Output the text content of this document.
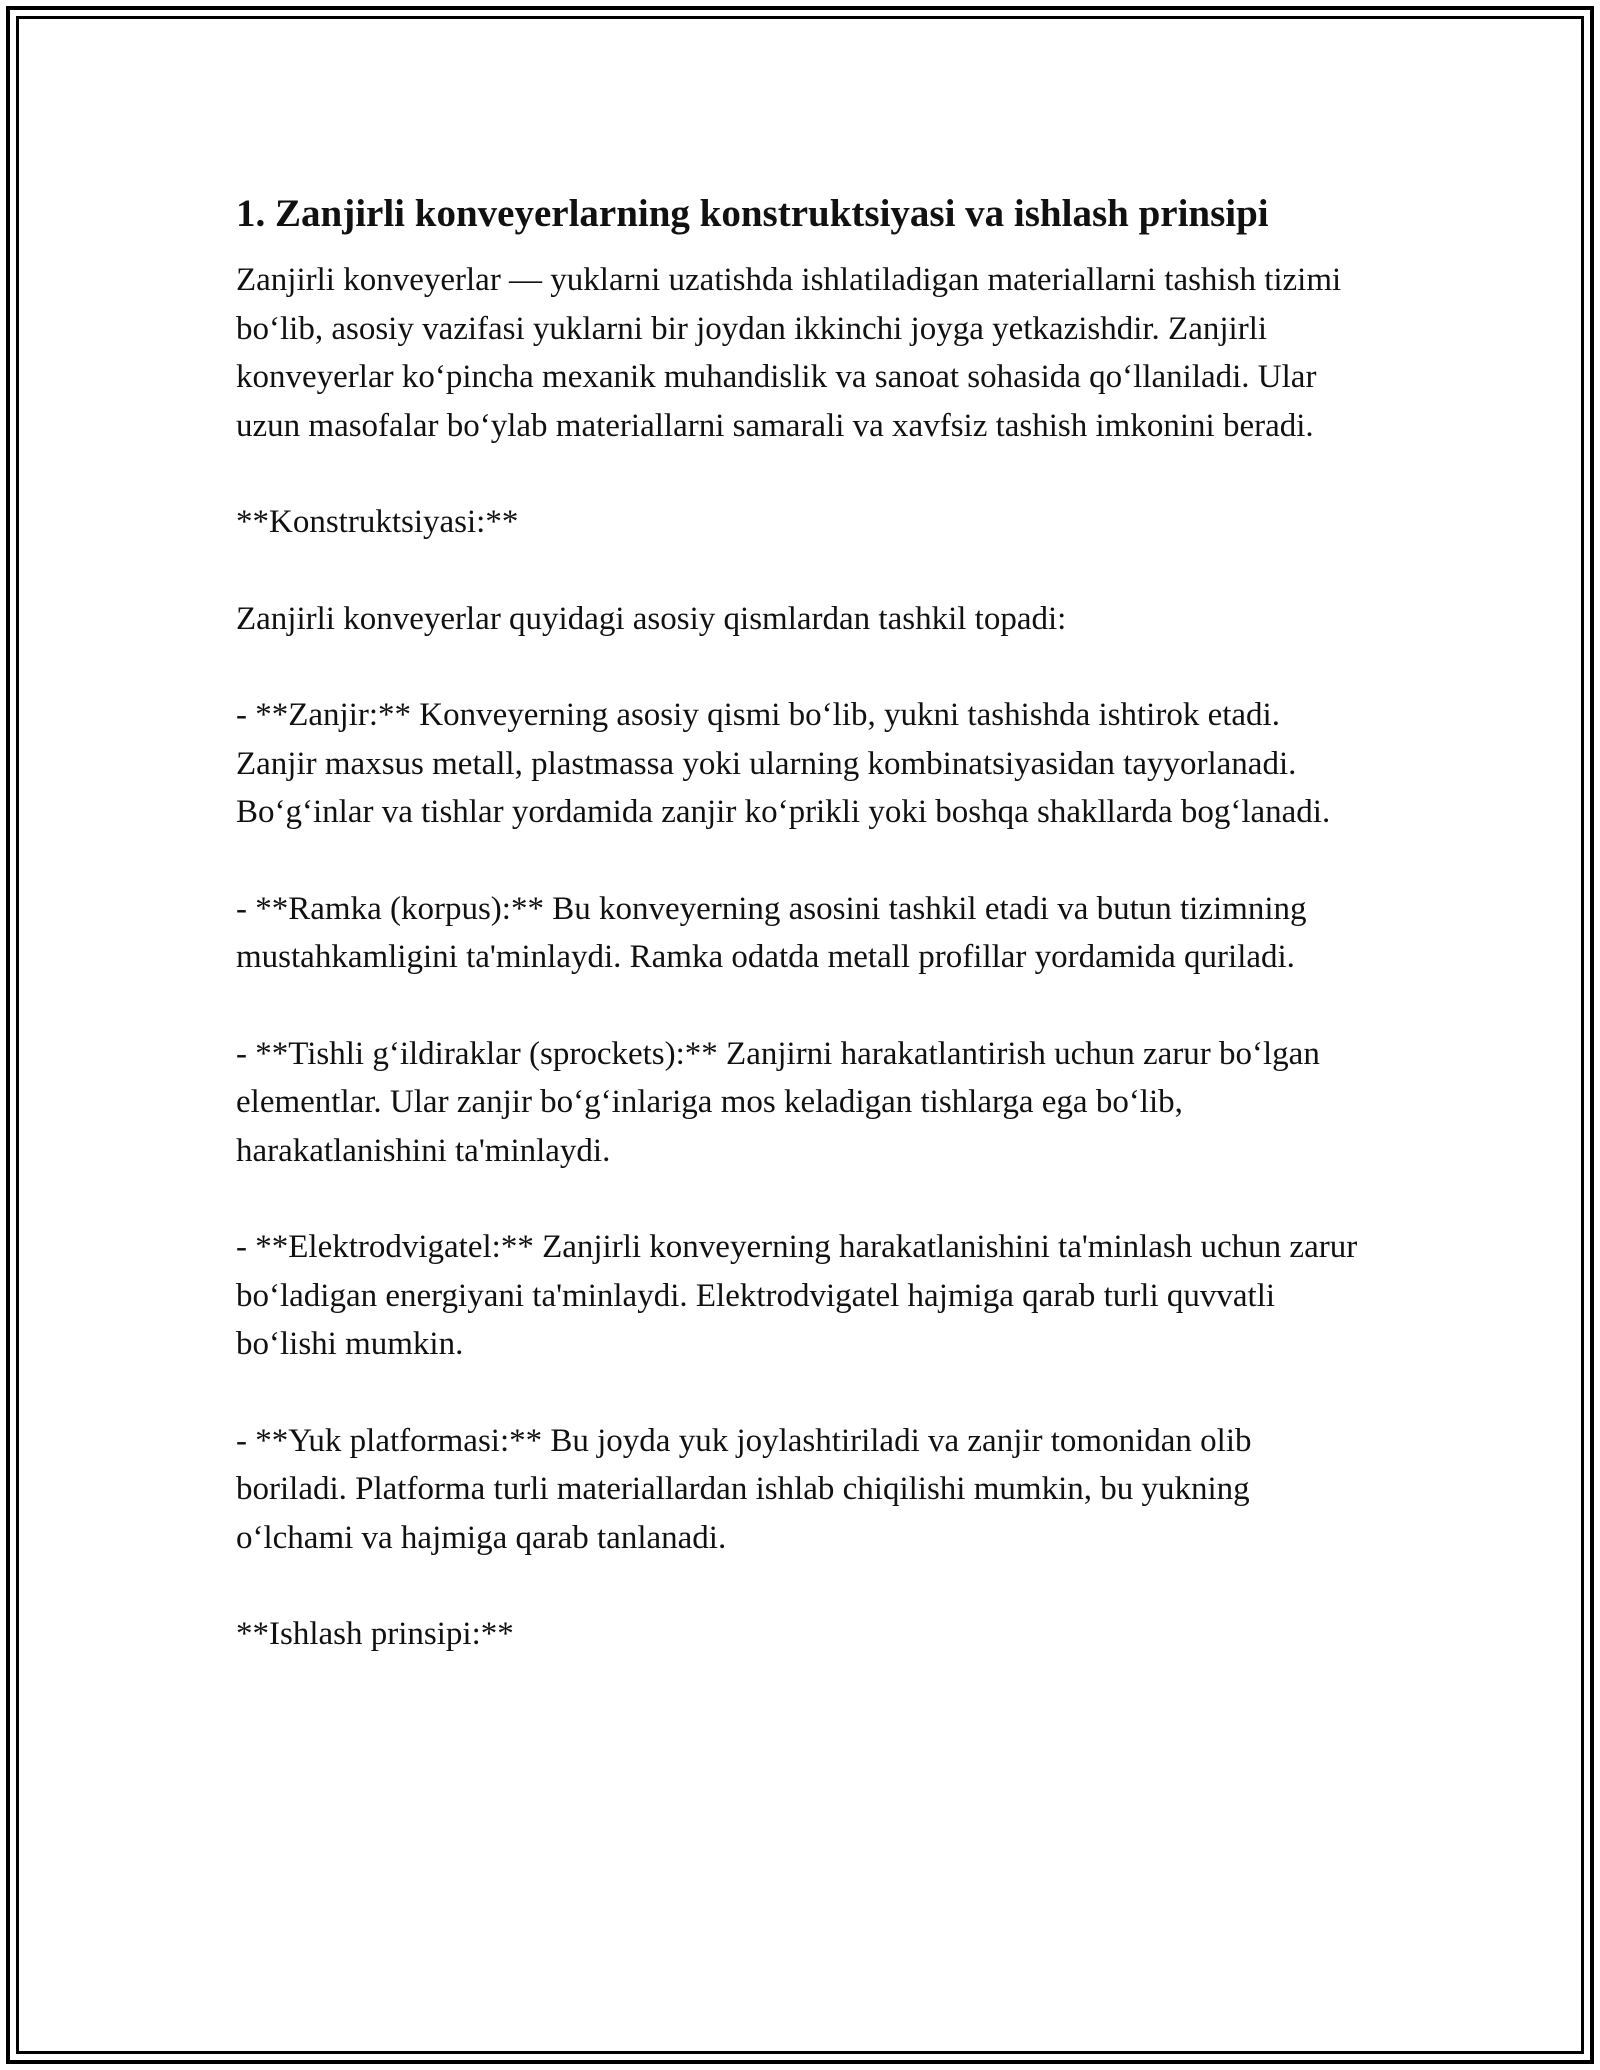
1. Zanjirli konveyerlarning konstruktsiyasi va ishlash prinsipi

Zanjirli konveyerlar — yuklarni uzatishda ishlatiladigan materiallarni tashish tizimi bo‘lib, asosiy vazifasi yuklarni bir joydan ikkinchi joyga yetkazishdir. Zanjirli konveyerlar ko‘pincha mexanik muhandislik va sanoat sohasida qo‘llaniladi. Ular uzun masofalar bo‘ylab materiallarni samarali va xavfsiz tashish imkonini beradi.

**Konstruktsiyasi:**

Zanjirli konveyerlar quyidagi asosiy qismlardan tashkil topadi:

- **Zanjir:** Konveyerning asosiy qismi bo‘lib, yukni tashishda ishtirok etadi. Zanjir maxsus metall, plastmassa yoki ularning kombinatsiyasidan tayyorlanadi. Bo‘g‘inlar va tishlar yordamida zanjir ko‘prikli yoki boshqa shakllarda bog‘lanadi.

- **Ramka (korpus):** Bu konveyerning asosini tashkil etadi va butun tizimning mustahkamligini ta'minlaydi. Ramka odatda metall profillar yordamida quriladi.

- **Tishli g‘ildiraklar (sprockets):** Zanjirni harakatlantirish uchun zarur bo‘lgan elementlar. Ular zanjir bo‘g‘inlariga mos keladigan tishlarga ega bo‘lib, harakatlanishini ta'minlaydi.

- **Elektrodvigatel:** Zanjirli konveyerning harakatlanishini ta'minlash uchun zarur bo‘ladigan energiyani ta'minlaydi. Elektrodvigatel hajmiga qarab turli quvvatli bo‘lishi mumkin.

- **Yuk platformasi:** Bu joyda yuk joylashtiriladi va zanjir tomonidan olib boriladi. Platforma turli materiallardan ishlab chiqilishi mumkin, bu yukning o‘lchami va hajmiga qarab tanlanadi.

**Ishlash prinsipi:**
